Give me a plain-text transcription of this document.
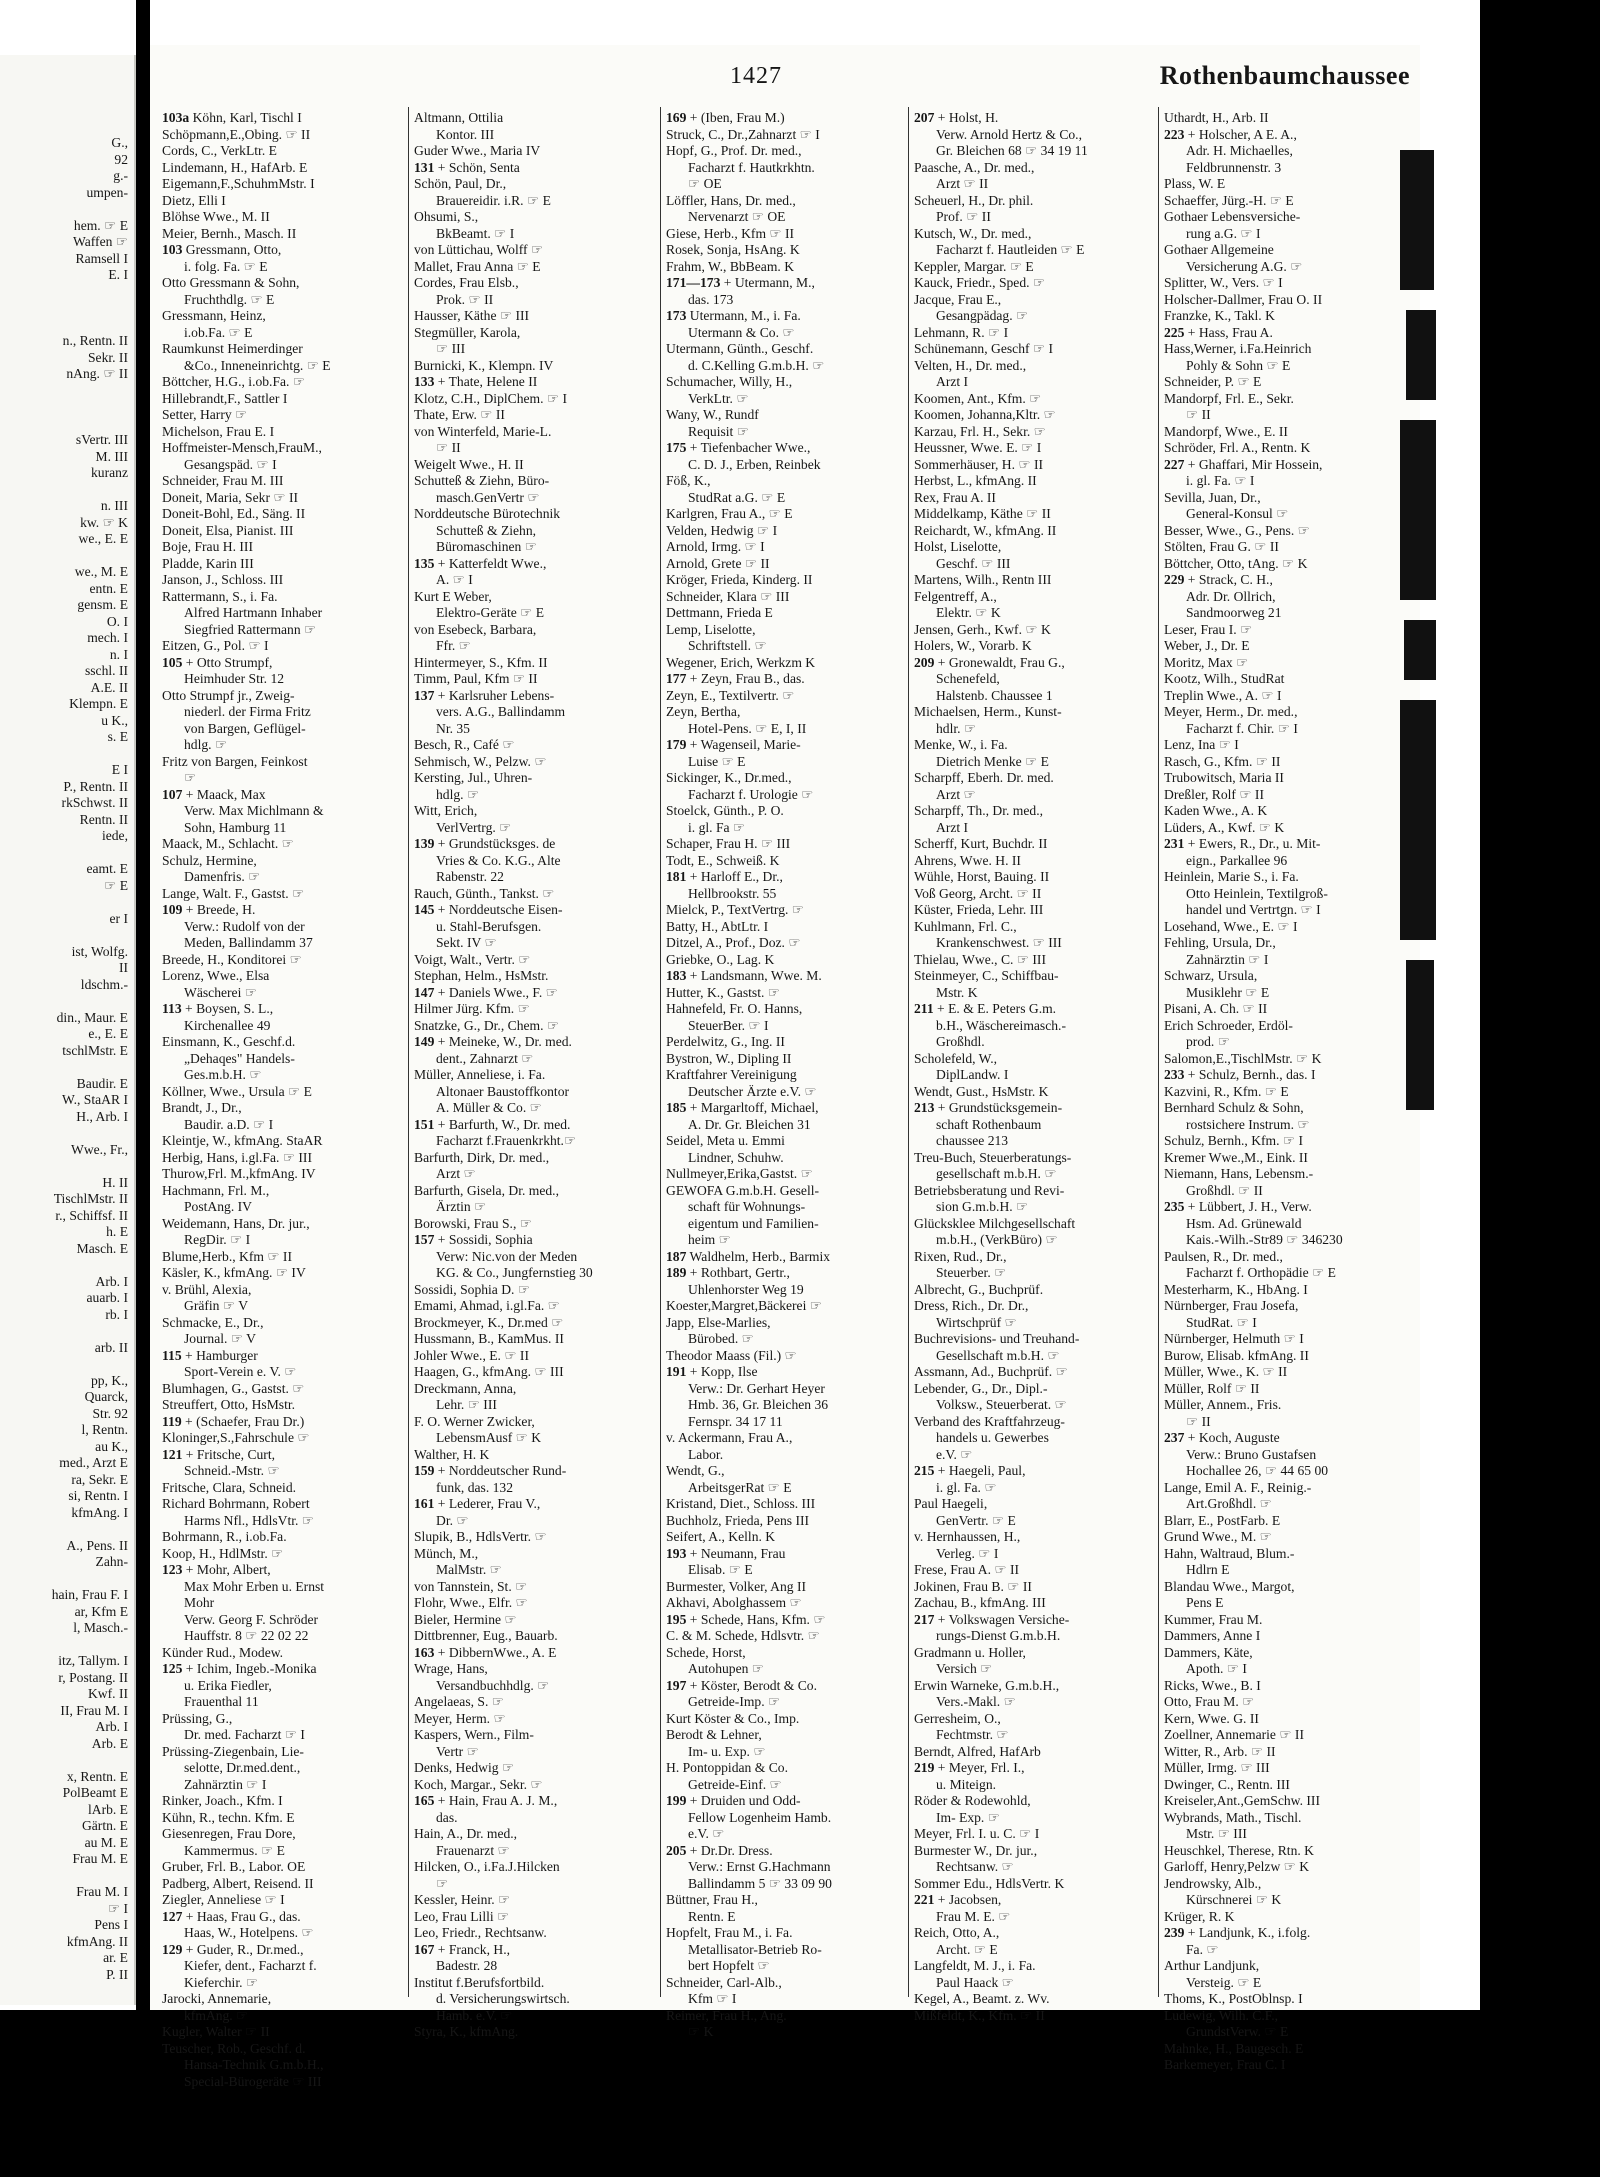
G.,
92
g.-
umpen-
hem. ☞ E
Waffen ☞
Ramsell I
E. I
n., Rentn. II
Sekr. II
nAng. ☞ II
sVertr. III
M. III
kuranz
n. III
kw. ☞ K
we., E. E
we., M. E
entn. E
gensm. E
O. I
mech. I
n. I
sschl. II
A.E. II
Klempn. E
u K.,
s. E
E I
P., Rentn. II
rkSchwst. II
Rentn. II
iede,
eamt. E
☞ E
er I
ist, Wolfg.
II
ldschm.-
din., Maur. E
e., E. E
tschlMstr. E
Baudir. E
W., StaAR I
H., Arb. I
Wwe., Fr.,
H. II
TischlMstr. II
r., Schiffsf. II
h. E
Masch. E
Arb. I
auarb. I
rb. I
arb. II
pp, K.,
Quarck,
Str. 92
l, Rentn.
au K.,
med., Arzt E
ra, Sekr. E
si, Rentn. I
kfmAng. I
A., Pens. II
Zahn-
hain, Frau F. I
ar, Kfm E
l, Masch.-
itz, Tallym. I
r, Postang. II
Kwf. II
II, Frau M. I
Arb. I
Arb. E
x, Rentn. E
PolBeamt E
lArb. E
Gärtn. E
au M. E
Frau M. E
Frau M. I
☞ I
Pens I
kfmAng. II
ar. E
P. II
1427	Rothenbaumchaussee
103a Köhn, Karl, Tischl I
Schöpmann,E.,Obing. ☞ II
Cords, C., VerkLtr. E
Lindemann, H., HafArb. E
Eigemann,F.,SchuhmMstr. I
Dietz, Elli I
Blöhse Wwe., M. II
Meier, Bernh., Masch. II
103 Gressmann, Otto,
i. folg. Fa. ☞ E
Otto Gressmann & Sohn,
Fruchthdlg. ☞ E
Gressmann, Heinz,
i.ob.Fa. ☞ E
Raumkunst Heimerdinger
&Co., Inneneinrichtg. ☞ E
Böttcher, H.G., i.ob.Fa. ☞
Hillebrandt,F., Sattler I
Setter, Harry ☞
Michelson, Frau E. I
Hoffmeister-Mensch,FrauM.,
Gesangspäd. ☞ I
Schneider, Frau M. III
Doneit, Maria, Sekr ☞ II
Doneit-Bohl, Ed., Säng. II
Doneit, Elsa, Pianist. III
Boje, Frau H. III
Pladde, Karin III
Janson, J., Schloss. III
Rattermann, S., i. Fa.
Alfred Hartmann Inhaber
Siegfried Rattermann ☞
Eitzen, G., Pol. ☞ I
105 + Otto Strumpf,
Heimhuder Str. 12
Otto Strumpf jr., Zweig-
niederl. der Firma Fritz
von Bargen, Geflügel-
hdlg. ☞
Fritz von Bargen, Feinkost
☞
107 + Maack, Max
Verw. Max Michlmann &
Sohn, Hamburg 11
Maack, M., Schlacht. ☞
Schulz, Hermine,
Damenfris. ☞
Lange, Walt. F., Gastst. ☞
109 + Breede, H.
Verw.: Rudolf von der
Meden, Ballindamm 37
Breede, H., Konditorei ☞
Lorenz, Wwe., Elsa
Wäscherei ☞
113 + Boysen, S. L.,
Kirchenallee 49
Einsmann, K., Geschf.d.
„Dehaqes" Handels-
Ges.m.b.H. ☞
Köllner, Wwe., Ursula ☞ E
Brandt, J., Dr.,
Baudir. a.D. ☞ I
Kleintje, W., kfmAng. StaAR
Herbig, Hans, i.gl.Fa. ☞ III
Thurow,Frl. M.,kfmAng. IV
Hachmann, Frl. M.,
PostAng. IV
Weidemann, Hans, Dr. jur.,
RegDir. ☞ I
Blume,Herb., Kfm ☞ II
Käsler, K., kfmAng. ☞ IV
v. Brühl, Alexia,
Gräfin ☞ V
Schmacke, E., Dr.,
Journal. ☞ V
115 + Hamburger
Sport-Verein e. V. ☞
Blumhagen, G., Gastst. ☞
Streuffert, Otto, HsMstr.
119 + (Schaefer, Frau Dr.)
Kloninger,S.,Fahrschule ☞
121 + Fritsche, Curt,
Schneid.-Mstr. ☞
Fritsche, Clara, Schneid.
Richard Bohrmann, Robert
Harms Nfl., HdlsVtr. ☞
Bohrmann, R., i.ob.Fa.
Koop, H., HdlMstr. ☞
123 + Mohr, Albert,
Max Mohr Erben u. Ernst
Mohr
Verw. Georg F. Schröder
Hauffstr. 8 ☞ 22 02 22
Künder Rud., Modew.
125 + Ichim, Ingeb.-Monika
u. Erika Fiedler,
Frauenthal 11
Prüssing, G.,
Dr. med. Facharzt ☞ I
Prüssing-Ziegenbain, Lie-
selotte, Dr.med.dent.,
Zahnärztin ☞ I
Rinker, Joach., Kfm. I
Kühn, R., techn. Kfm. E
Giesenregen, Frau Dore,
Kammermus. ☞ E
Gruber, Frl. B., Labor. OE
Padberg, Albert, Reisend. II
Ziegler, Anneliese ☞ I
127 + Haas, Frau G., das.
Haas, W., Hotelpens. ☞
129 + Guder, R., Dr.med.,
Kiefer, dent., Facharzt f.
Kieferchir. ☞
Jarocki, Annemarie,
kfmAng. ☞
Kugler, Walter ☞ II
Teuscher, Rob., Geschf. d.
Hansa-Technik G.m.b.H.,
Special-Bürogeräte ☞ III
Altmann, Ottilia
Kontor. III
Guder Wwe., Maria IV
131 + Schön, Senta
Schön, Paul, Dr.,
Brauereidir. i.R. ☞ E
Ohsumi, S.,
BkBeamt. ☞ I
von Lüttichau, Wolff ☞
Mallet, Frau Anna ☞ E
Cordes, Frau Elsb.,
Prok. ☞ II
Hausser, Käthe ☞ III
Stegmüller, Karola,
☞ III
Burnicki, K., Klempn. IV
133 + Thate, Helene II
Klotz, C.H., DiplChem. ☞ I
Thate, Erw. ☞ II
von Winterfeld, Marie-L.
☞ II
Weigelt Wwe., H. II
Schutteß & Ziehn, Büro-
masch.GenVertr ☞
Norddeutsche Bürotechnik
Schutteß & Ziehn,
Büromaschinen ☞
135 + Katterfeldt Wwe.,
A. ☞ I
Kurt E Weber,
Elektro-Geräte ☞ E
von Esebeck, Barbara,
Ffr. ☞
Hintermeyer, S., Kfm. II
Timm, Paul, Kfm ☞ II
137 + Karlsruher Lebens-
vers. A.G., Ballindamm
Nr. 35
Besch, R., Café ☞
Sehmisch, W., Pelzw. ☞
Kersting, Jul., Uhren-
hdlg. ☞
Witt, Erich,
VerlVertrg. ☞
139 + Grundstücksges. de
Vries & Co. K.G., Alte
Rabenstr. 22
Rauch, Günth., Tankst. ☞
145 + Norddeutsche Eisen-
u. Stahl-Berufsgen.
Sekt. IV ☞
Voigt, Walt., Vertr. ☞
Stephan, Helm., HsMstr.
147 + Daniels Wwe., F. ☞
Hilmer Jürg. Kfm. ☞
Snatzke, G., Dr., Chem. ☞
149 + Meineke, W., Dr. med.
dent., Zahnarzt ☞
Müller, Anneliese, i. Fa.
Altonaer Baustoffkontor
A. Müller & Co. ☞
151 + Barfurth, W., Dr. med.
Facharzt f.Frauenkrkht.☞
Barfurth, Dirk, Dr. med.,
Arzt ☞
Barfurth, Gisela, Dr. med.,
Ärztin ☞
Borowski, Frau S., ☞
157 + Sossidi, Sophia
Verw: Nic.von der Meden
KG. & Co., Jungfernstieg 30
Sossidi, Sophia D. ☞
Emami, Ahmad, i.gl.Fa. ☞
Brockmeyer, K., Dr.med ☞
Hussmann, B., KamMus. II
Johler Wwe., E. ☞ II
Haagen, G., kfmAng. ☞ III
Dreckmann, Anna,
Lehr. ☞ III
F. O. Werner Zwicker,
LebensmAusf ☞ K
Walther, H. K
159 + Norddeutscher Rund-
funk, das. 132
161 + Lederer, Frau V.,
Dr. ☞
Slupik, B., HdlsVertr. ☞
Münch, M.,
MalMstr. ☞
von Tannstein, St. ☞
Flohr, Wwe., Elfr. ☞
Bieler, Hermine ☞
Dittbrenner, Eug., Bauarb.
163 + DibbernWwe., A. E
Wrage, Hans,
Versandbuchhdlg. ☞
Angelaeas, S. ☞
Meyer, Herm. ☞
Kaspers, Wern., Film-
Vertr ☞
Denks, Hedwig ☞
Koch, Margar., Sekr. ☞
165 + Hain, Frau A. J. M.,
das.
Hain, A., Dr. med.,
Frauenarzt ☞
Hilcken, O., i.Fa.J.Hilcken
☞
Kessler, Heinr. ☞
Leo, Frau Lilli ☞
Leo, Friedr., Rechtsanw.
167 + Franck, H.,
Badestr. 28
Institut f.Berufsfortbild.
d. Versicherungswirtsch.
Hamb. e.V. ☞
Styra, K., kfmAng.
169 + (Iben, Frau M.)
Struck, C., Dr.,Zahnarzt ☞ I
Hopf, G., Prof. Dr. med.,
Facharzt f. Hautkrkhtn.
☞ OE
Löffler, Hans, Dr. med.,
Nervenarzt ☞ OE
Giese, Herb., Kfm ☞ II
Rosek, Sonja, HsAng. K
Frahm, W., BbBeam. K
171—173 + Utermann, M.,
das. 173
173 Utermann, M., i. Fa.
Utermann & Co. ☞
Utermann, Günth., Geschf.
d. C.Kelling G.m.b.H. ☞
Schumacher, Willy, H.,
VerkLtr. ☞
Wany, W., Rundf
Requisit ☞
175 + Tiefenbacher Wwe.,
C. D. J., Erben, Reinbek
Föß, K.,
StudRat a.G. ☞ E
Karlgren, Frau A., ☞ E
Velden, Hedwig ☞ I
Arnold, Irmg. ☞ I
Arnold, Grete ☞ II
Kröger, Frieda, Kinderg. II
Schneider, Klara ☞ III
Dettmann, Frieda E
Lemp, Liselotte,
Schriftstell. ☞
Wegener, Erich, Werkzm K
177 + Zeyn, Frau B., das.
Zeyn, E., Textilvertr. ☞
Zeyn, Bertha,
Hotel-Pens. ☞ E, I, II
179 + Wagenseil, Marie-
Luise ☞ E
Sickinger, K., Dr.med.,
Facharzt f. Urologie ☞
Stoelck, Günth., P. O.
i. gl. Fa ☞
Schaper, Frau H. ☞ III
Todt, E., Schweiß. K
181 + Harloff E., Dr.,
Hellbrookstr. 55
Mielck, P., TextVertrg. ☞
Batty, H., AbtLtr. I
Ditzel, A., Prof., Doz. ☞
Griebke, O., Lag. K
183 + Landsmann, Wwe. M.
Hutter, K., Gastst. ☞
Hahnefeld, Fr. O. Hanns,
SteuerBer. ☞ I
Perdelwitz, G., Ing. II
Bystron, W., Dipling II
Kraftfahrer Vereinigung
Deutscher Ärzte e.V. ☞
185 + Margarltoff, Michael,
A. Dr. Gr. Bleichen 31
Seidel, Meta u. Emmi
Lindner, Schuhw.
Nullmeyer,Erika,Gastst. ☞
GEWOFA G.m.b.H. Gesell-
schaft für Wohnungs-
eigentum und Familien-
heim ☞
187 Waldhelm, Herb., Barmix
189 + Rothbart, Gertr.,
Uhlenhorster Weg 19
Koester,Margret,Bäckerei ☞
Japp, Else-Marlies,
Bürobed. ☞
Theodor Maass (Fil.) ☞
191 + Kopp, Ilse
Verw.: Dr. Gerhart Heyer
Hmb. 36, Gr. Bleichen 36
Fernspr. 34 17 11
v. Ackermann, Frau A.,
Labor.
Wendt, G.,
ArbeitsgerRat ☞ E
Kristand, Diet., Schloss. III
Buchholz, Frieda, Pens III
Seifert, A., Kelln. K
193 + Neumann, Frau
Elisab. ☞ E
Burmester, Volker, Ang II
Akhavi, Abolghassem ☞
195 + Schede, Hans, Kfm. ☞
C. & M. Schede, Hdlsvtr. ☞
Schede, Horst,
Autohupen ☞
197 + Köster, Berodt & Co.
Getreide-Imp. ☞
Kurt Köster & Co., Imp.
Berodt & Lehner,
Im- u. Exp. ☞
H. Pontoppidan & Co.
Getreide-Einf. ☞
199 + Druiden und Odd-
Fellow Logenheim Hamb.
e.V. ☞
205 + Dr.Dr. Dress.
Verw.: Ernst G.Hachmann
Ballindamm 5 ☞ 33 09 90
Büttner, Frau H.,
Rentn. E
Hopfelt, Frau M., i. Fa.
Metallisator-Betrieb Ro-
bert Hopfelt ☞
Schneider, Carl-Alb.,
Kfm ☞ I
Reimer, Frau H., Ang.
☞ K
207 + Holst, H.
Verw. Arnold Hertz & Co.,
Gr. Bleichen 68 ☞ 34 19 11
Paasche, A., Dr. med.,
Arzt ☞ II
Scheuerl, H., Dr. phil.
Prof. ☞ II
Kutsch, W., Dr. med.,
Facharzt f. Hautleiden ☞ E
Keppler, Margar. ☞ E
Kauck, Friedr., Sped. ☞
Jacque, Frau E.,
Gesangpädag. ☞
Lehmann, R. ☞ I
Schünemann, Geschf ☞ I
Velten, H., Dr. med.,
Arzt I
Koomen, Ant., Kfm. ☞
Koomen, Johanna,Kltr. ☞
Karzau, Frl. H., Sekr. ☞
Heussner, Wwe. E. ☞ I
Sommerhäuser, H. ☞ II
Herbst, L., kfmAng. II
Rex, Frau A. II
Middelkamp, Käthe ☞ II
Reichardt, W., kfmAng. II
Holst, Liselotte,
Geschf. ☞ III
Martens, Wilh., Rentn III
Felgentreff, A.,
Elektr. ☞ K
Jensen, Gerh., Kwf. ☞ K
Holers, W., Vorarb. K
209 + Gronewaldt, Frau G.,
Schenefeld,
Halstenb. Chaussee 1
Michaelsen, Herm., Kunst-
hdlr. ☞
Menke, W., i. Fa.
Dietrich Menke ☞ E
Scharpff, Eberh. Dr. med.
Arzt ☞
Scharpff, Th., Dr. med.,
Arzt I
Scherff, Kurt, Buchdr. II
Ahrens, Wwe. H. II
Wühle, Horst, Bauing. II
Voß Georg, Archt. ☞ II
Küster, Frieda, Lehr. III
Kuhlmann, Frl. C.,
Krankenschwest. ☞ III
Thielau, Wwe., C. ☞ III
Steinmeyer, C., Schiffbau-
Mstr. K
211 + E. & E. Peters G.m.
b.H., Wäschereimasch.-
Großhdl.
Scholefeld, W.,
DiplLandw. I
Wendt, Gust., HsMstr. K
213 + Grundstücksgemein-
schaft Rothenbaum
chaussee 213
Treu-Buch, Steuerberatungs-
gesellschaft m.b.H. ☞
Betriebsberatung und Revi-
sion G.m.b.H. ☞
Glücksklee Milchgesellschaft
m.b.H., (VerkBüro) ☞
Rixen, Rud., Dr.,
Steuerber. ☞
Albrecht, G., Buchprüf.
Dress, Rich., Dr. Dr.,
Wirtschprüf ☞
Buchrevisions- und Treuhand-
Gesellschaft m.b.H. ☞
Assmann, Ad., Buchprüf. ☞
Lebender, G., Dr., Dipl.-
Volksw., Steuerberat. ☞
Verband des Kraftfahrzeug-
handels u. Gewerbes
e.V. ☞
215 + Haegeli, Paul,
i. gl. Fa. ☞
Paul Haegeli,
GenVertr. ☞ E
v. Hernhaussen, H.,
Verleg. ☞ I
Frese, Frau A. ☞ II
Jokinen, Frau B. ☞ II
Zachau, B., kfmAng. III
217 + Volkswagen Versiche-
rungs-Dienst G.m.b.H.
Gradmann u. Holler,
Versich ☞
Erwin Warneke, G.m.b.H.,
Vers.-Makl. ☞
Gerresheim, O.,
Fechtmstr. ☞
Berndt, Alfred, HafArb
219 + Meyer, Frl. I.,
u. Miteign.
Röder & Rodewohld,
Im- Exp. ☞
Meyer, Frl. I. u. C. ☞ I
Burmester W., Dr. jur.,
Rechtsanw. ☞
Sommer Edu., HdlsVertr. K
221 + Jacobsen,
Frau M. E. ☞
Reich, Otto, A.,
Archt. ☞ E
Langfeldt, M. J., i. Fa.
Paul Haack ☞
Kegel, A., Beamt. z. Wv.
Mißfeldt, K., Kfm. ☞ II
Uthardt, H., Arb. II
223 + Holscher, A E. A.,
Adr. H. Michaelles,
Feldbrunnenstr. 3
Plass, W. E
Schaeffer, Jürg.-H. ☞ E
Gothaer Lebensversiche-
rung a.G. ☞ I
Gothaer Allgemeine
Versicherung A.G. ☞
Splitter, W., Vers. ☞ I
Holscher-Dallmer, Frau O. II
Franzke, K., Takl. K
225 + Hass, Frau A.
Hass,Werner, i.Fa.Heinrich
Pohly & Sohn ☞ E
Schneider, P. ☞ E
Mandorpf, Frl. E., Sekr.
☞ II
Mandorpf, Wwe., E. II
Schröder, Frl. A., Rentn. K
227 + Ghaffari, Mir Hossein,
i. gl. Fa. ☞ I
Sevilla, Juan, Dr.,
General-Konsul ☞
Besser, Wwe., G., Pens. ☞
Stölten, Frau G. ☞ II
Böttcher, Otto, tAng. ☞ K
229 + Strack, C. H.,
Adr. Dr. Ollrich,
Sandmoorweg 21
Leser, Frau I. ☞
Weber, J., Dr. E
Moritz, Max ☞
Kootz, Wilh., StudRat
Treplin Wwe., A. ☞ I
Meyer, Herm., Dr. med.,
Facharzt f. Chir. ☞ I
Lenz, Ina ☞ I
Rasch, G., Kfm. ☞ II
Trubowitsch, Maria II
Dreßler, Rolf ☞ II
Kaden Wwe., A. K
Lüders, A., Kwf. ☞ K
231 + Ewers, R., Dr., u. Mit-
eign., Parkallee 96
Heinlein, Marie S., i. Fa.
Otto Heinlein, Textilgroß-
handel und Vertrtgn. ☞ I
Losehand, Wwe., E. ☞ I
Fehling, Ursula, Dr.,
Zahnärztin ☞ I
Schwarz, Ursula,
Musiklehr ☞ E
Pisani, A. Ch. ☞ II
Erich Schroeder, Erdöl-
prod. ☞
Salomon,E.,TischlMstr. ☞ K
233 + Schulz, Bernh., das. I
Kazvini, R., Kfm. ☞ E
Bernhard Schulz & Sohn,
rostsichere Instrum. ☞
Schulz, Bernh., Kfm. ☞ I
Kremer Wwe.,M., Eink. II
Niemann, Hans, Lebensm.-
Großhdl. ☞ II
235 + Lübbert, J. H., Verw.
Hsm. Ad. Grünewald
Kais.-Wilh.-Str89 ☞ 346230
Paulsen, R., Dr. med.,
Facharzt f. Orthopädie ☞ E
Mesterharm, K., HbAng. I
Nürnberger, Frau Josefa,
StudRat. ☞ I
Nürnberger, Helmuth ☞ I
Burow, Elisab. kfmAng. II
Müller, Wwe., K. ☞ II
Müller, Rolf ☞ II
Müller, Annem., Fris.
☞ II
237 + Koch, Auguste
Verw.: Bruno Gustafsen
Hochallee 26, ☞ 44 65 00
Lange, Emil A. F., Reinig.-
Art.Großhdl. ☞
Blarr, E., PostFarb. E
Grund Wwe., M. ☞
Hahn, Waltraud, Blum.-
Hdlrn E
Blandau Wwe., Margot,
Pens E
Kummer, Frau M.
Dammers, Anne I
Dammers, Käte,
Apoth. ☞ I
Ricks, Wwe., B. I
Otto, Frau M. ☞
Kern, Wwe. G. II
Zoellner, Annemarie ☞ II
Witter, R., Arb. ☞ II
Müller, Irmg. ☞ III
Dwinger, C., Rentn. III
Kreiseler,Ant.,GemSchw. III
Wybrands, Math., Tischl.
Mstr. ☞ III
Heuschkel, Therese, Rtn. K
Garloff, Henry,Pelzw ☞ K
Jendrowsky, Alb.,
Kürschnerei ☞ K
Krüger, R. K
239 + Landjunk, K., i.folg.
Fa. ☞
Arthur Landjunk,
Versteig. ☞ E
Thoms, K., PostOblnsp. I
Ludewig, Wilh. C.F.,
GrundstVerw. ☞ E
Mahnke, H., Baugesch. E
Barkemeyer, Frau C. I
